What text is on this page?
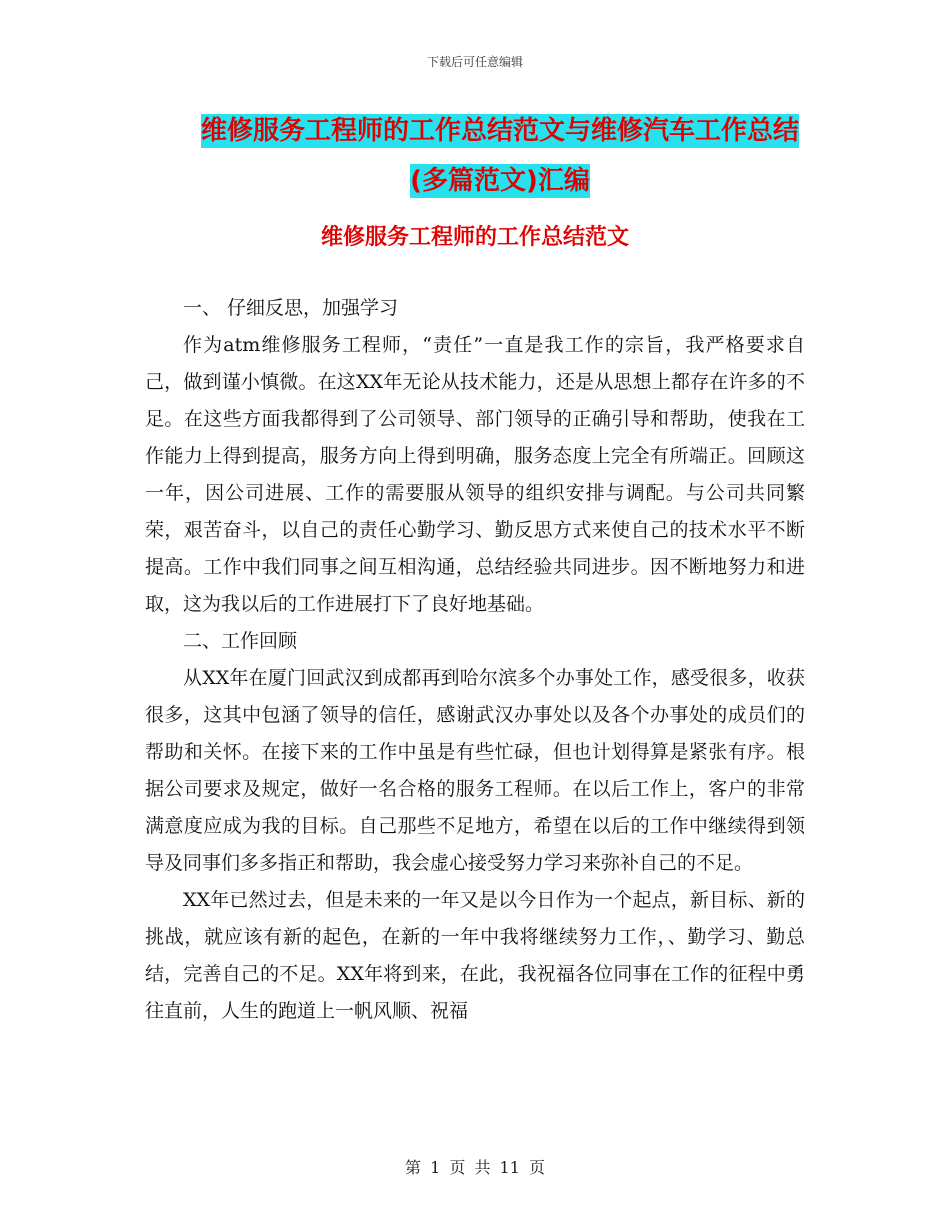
下载后可任意编辑
维修服务工程师的工作总结范文与维修汽车工作总结
(多篇范文)汇编
维修服务工程师的工作总结范文

一、 仔细反思，加强学习

作为atm维修服务工程师，“责任”一直是我工作的宗旨，我严格要求自己，做到谨小慎微。在这XX年无论从技术能力，还是从思想上都存在许多的不足。在这些方面我都得到了公司领导、部门领导的正确引导和帮助，使我在工作能力上得到提高，服务方向上得到明确，服务态度上完全有所端正。回顾这一年，因公司进展、工作的需要服从领导的组织安排与调配。与公司共同繁荣，艰苦奋斗，以自己的责任心勤学习、勤反思方式来使自己的技术水平不断提高。工作中我们同事之间互相沟通，总结经验共同进步。因不断地努力和进取，这为我以后的工作进展打下了良好地基础。

二、工作回顾

从XX年在厦门回武汉到成都再到哈尔滨多个办事处工作，感受很多，收获很多，这其中包涵了领导的信任，感谢武汉办事处以及各个办事处的成员们的帮助和关怀。在接下来的工作中虽是有些忙碌，但也计划得算是紧张有序。根据公司要求及规定，做好一名合格的服务工程师。在以后工作上，客户的非常满意度应成为我的目标。自己那些不足地方，希望在以后的工作中继续得到领导及同事们多多指正和帮助，我会虚心接受努力学习来弥补自己的不足。

XX年已然过去，但是未来的一年又是以今日作为一个起点，新目标、新的挑战，就应该有新的起色，在新的一年中我将继续努力工作，、勤学习、勤总结，完善自己的不足。XX年将到来，在此，我祝福各位同事在工作的征程中勇往直前，人生的跑道上一帆风顺、祝福

第 1 页 共 11 页
